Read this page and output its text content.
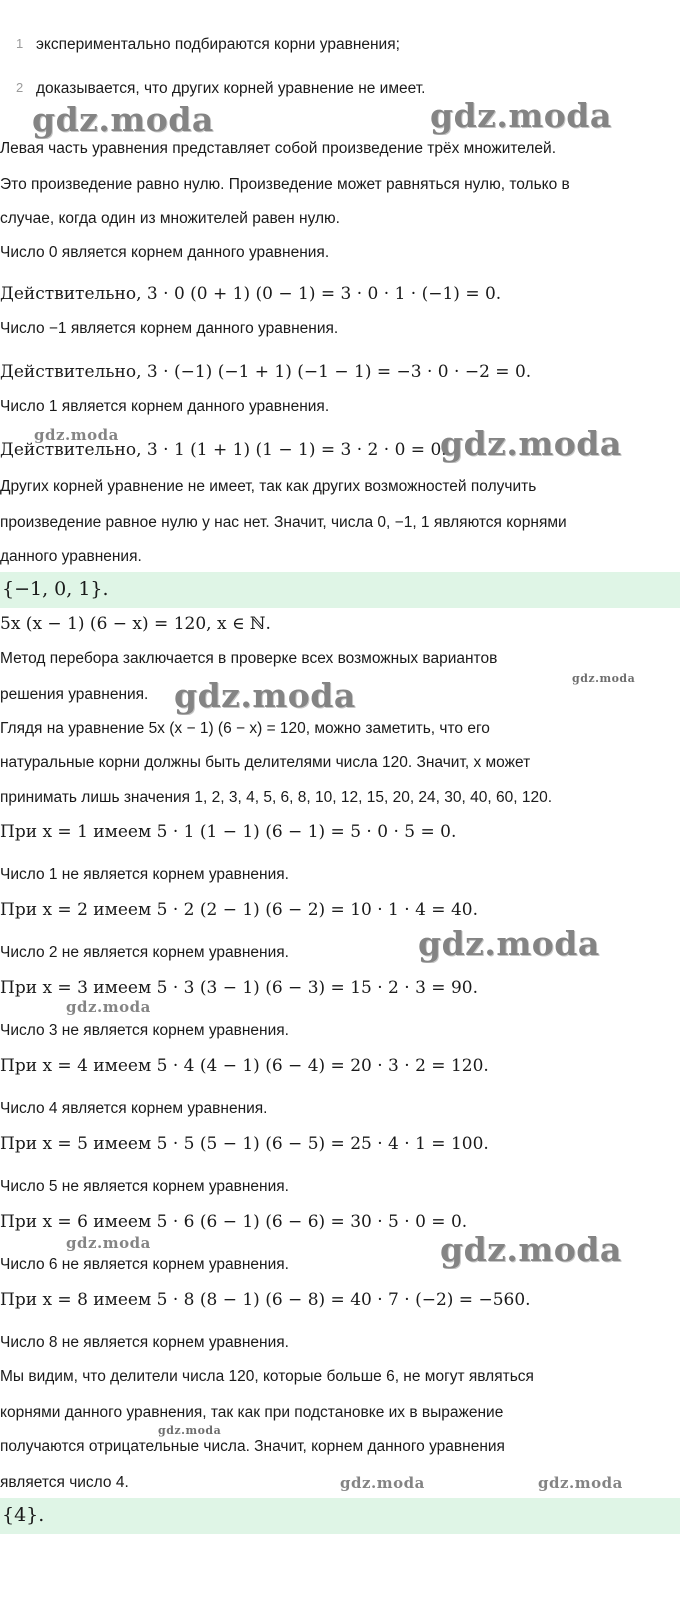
1 экспериментально подбираются корни уравнения;
2 доказывается, что других корней уравнение не имеет.
Левая часть уравнения представляет собой произведение трёх множителей.
Это произведение равно нулю. Произведение может равняться нулю, только в
случае, когда один из множителей равен нулю.
Число 0 является корнем данного уравнения.
Действительно, 3 · 0 (0 + 1) (0 − 1) = 3 · 0 · 1 · (−1) = 0.
Число −1 является корнем данного уравнения.
Действительно, 3 · (−1) (−1 + 1) (−1 − 1) = −3 · 0 · −2 = 0.
Число 1 является корнем данного уравнения.
Действительно, 3 · 1 (1 + 1) (1 − 1) = 3 · 2 · 0 = 0.
Других корней уравнение не имеет, так как других возможностей получить
произведение равное нулю у нас нет. Значит, числа 0, −1, 1 являются корнями
данного уравнения.
{−1, 0, 1}.
5x (x − 1) (6 − x) = 120, x ∈ ℕ.
Метод перебора заключается в проверке всех возможных вариантов
решения уравнения.
Глядя на уравнение 5x (x − 1) (6 − x) = 120, можно заметить, что его
натуральные корни должны быть делителями числа 120. Значит, x может
принимать лишь значения 1, 2, 3, 4, 5, 6, 8, 10, 12, 15, 20, 24, 30, 40, 60, 120.
При x = 1 имеем 5 · 1 (1 − 1) (6 − 1) = 5 · 0 · 5 = 0.
Число 1 не является корнем уравнения.
При x = 2 имеем 5 · 2 (2 − 1) (6 − 2) = 10 · 1 · 4 = 40.
Число 2 не является корнем уравнения.
При x = 3 имеем 5 · 3 (3 − 1) (6 − 3) = 15 · 2 · 3 = 90.
Число 3 не является корнем уравнения.
При x = 4 имеем 5 · 4 (4 − 1) (6 − 4) = 20 · 3 · 2 = 120.
Число 4 является корнем уравнения.
При x = 5 имеем 5 · 5 (5 − 1) (6 − 5) = 25 · 4 · 1 = 100.
Число 5 не является корнем уравнения.
При x = 6 имеем 5 · 6 (6 − 1) (6 − 6) = 30 · 5 · 0 = 0.
Число 6 не является корнем уравнения.
При x = 8 имеем 5 · 8 (8 − 1) (6 − 8) = 40 · 7 · (−2) = −560.
Число 8 не является корнем уравнения.
Мы видим, что делители числа 120, которые больше 6, не могут являться
корнями данного уравнения, так как при подстановке их в выражение
получаются отрицательные числа. Значит, корнем данного уравнения
является число 4.
{4}.
gdz.moda	gdz.moda
gdz.moda	gdz.moda
gdz.moda
gdz.moda
gdz.moda
gdz.moda
gdz.moda	gdz.moda
gdz.moda
gdz.moda	gdz.moda
